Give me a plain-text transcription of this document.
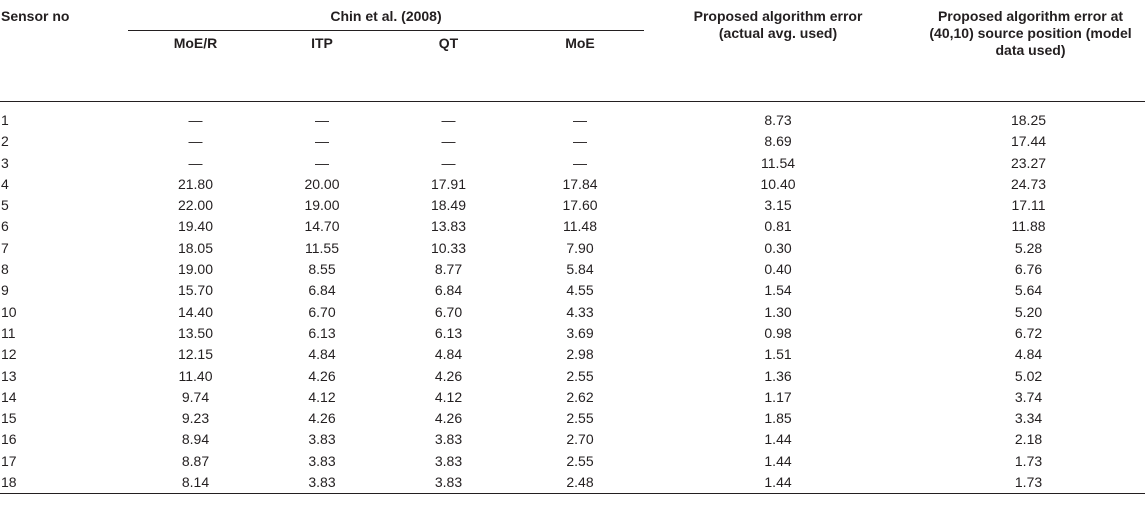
Sensor no	Chin et al. (2008)				Proposed algorithm error (actual avg. used)	Proposed algorithm error at (40,10) source position (model data used)
	MoE/R	ITP	QT	MoE		

1	—	—	—	—	8.73	18.25
2	—	—	—	—	8.69	17.44
3	—	—	—	—	11.54	23.27
4	21.80	20.00	17.91	17.84	10.40	24.73
5	22.00	19.00	18.49	17.60	3.15	17.11
6	19.40	14.70	13.83	11.48	0.81	11.88
7	18.05	11.55	10.33	7.90	0.30	5.28
8	19.00	8.55	8.77	5.84	0.40	6.76
9	15.70	6.84	6.84	4.55	1.54	5.64
10	14.40	6.70	6.70	4.33	1.30	5.20
11	13.50	6.13	6.13	3.69	0.98	6.72
12	12.15	4.84	4.84	2.98	1.51	4.84
13	11.40	4.26	4.26	2.55	1.36	5.02
14	9.74	4.12	4.12	2.62	1.17	3.74
15	9.23	4.26	4.26	2.55	1.85	3.34
16	8.94	3.83	3.83	2.70	1.44	2.18
17	8.87	3.83	3.83	2.55	1.44	1.73
18	8.14	3.83	3.83	2.48	1.44	1.73
